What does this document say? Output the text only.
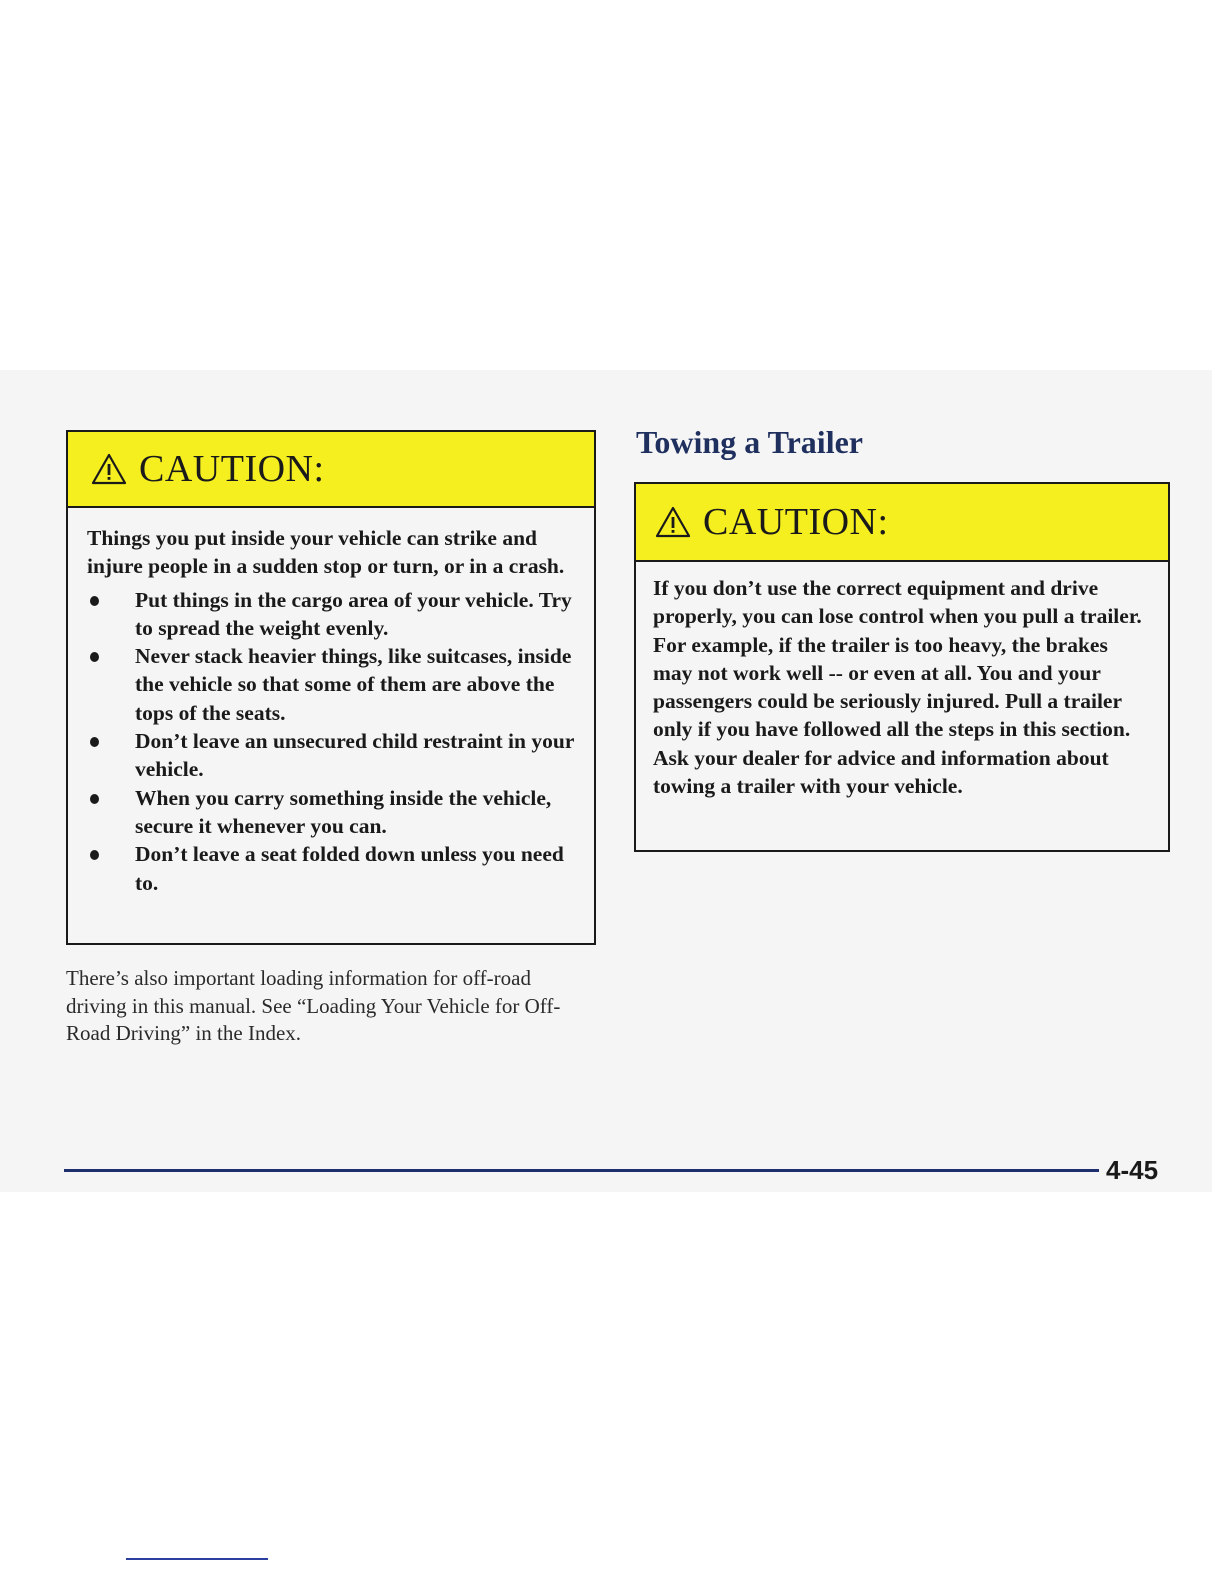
CAUTION:

Things you put inside your vehicle can strike and injure people in a sudden stop or turn, or in a crash.

Put things in the cargo area of your vehicle. Try to spread the weight evenly.
Never stack heavier things, like suitcases, inside the vehicle so that some of them are above the tops of the seats.
Don’t leave an unsecured child restraint in your vehicle.
When you carry something inside the vehicle, secure it whenever you can.
Don’t leave a seat folded down unless you need to.
There’s also important loading information for off-road driving in this manual. See “Loading Your Vehicle for Off-Road Driving” in the Index.
Towing a Trailer
CAUTION:

If you don’t use the correct equipment and drive properly, you can lose control when you pull a trailer. For example, if the trailer is too heavy, the brakes may not work well -- or even at all. You and your passengers could be seriously injured. Pull a trailer only if you have followed all the steps in this section. Ask your dealer for advice and information about towing a trailer with your vehicle.

4-45
